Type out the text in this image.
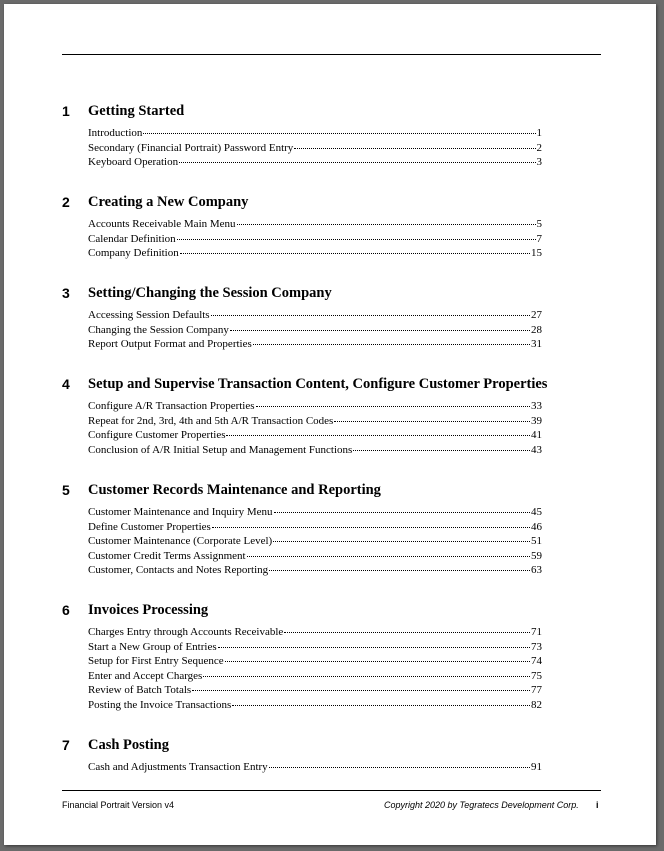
1 Getting Started
Introduction	1
Secondary (Financial Portrait) Password Entry	2
Keyboard Operation	3
2 Creating a New Company
Accounts Receivable Main Menu	5
Calendar Definition	7
Company Definition	15
3 Setting/Changing the Session Company
Accessing Session Defaults	27
Changing the Session Company	28
Report Output Format and Properties	31
4 Setup and Supervise Transaction Content, Configure Customer Properties
Configure A/R Transaction Properties	33
Repeat for 2nd, 3rd, 4th and 5th A/R Transaction Codes	39
Configure Customer Properties	41
Conclusion of A/R Initial Setup and Management Functions	43
5 Customer Records Maintenance and Reporting
Customer Maintenance and Inquiry Menu	45
Define Customer Properties	46
Customer Maintenance (Corporate Level)	51
Customer Credit Terms Assignment	59
Customer, Contacts and Notes Reporting	63
6 Invoices Processing
Charges Entry through Accounts Receivable	71
Start a New Group of Entries	73
Setup for First Entry Sequence	74
Enter and Accept Charges	75
Review of Batch Totals	77
Posting the Invoice Transactions	82
7 Cash Posting
Cash and Adjustments Transaction Entry	91
Financial Portrait Version v4	Copyright 2020 by Tegratecs Development Corp. i
